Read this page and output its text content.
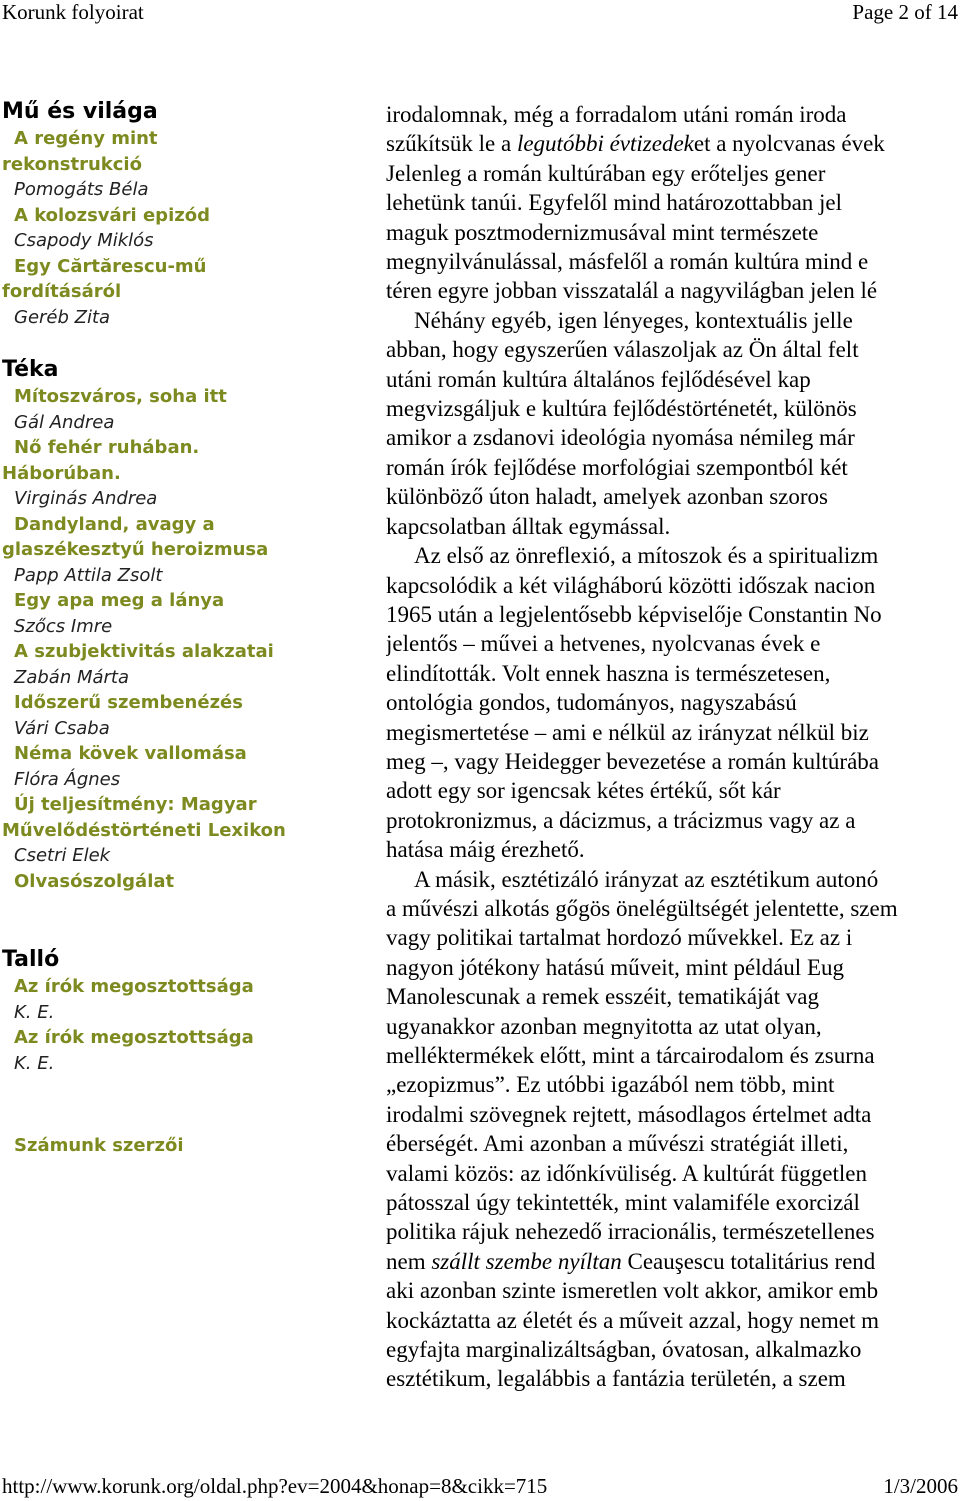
Korunk folyoirat	Page 2 of 14
Mű és világa
A regény mint
rekonstrukció
Pomogáts Béla
A kolozsvári epizód
Csapody Miklós
Egy Cărtărescu-mű
fordításáról
Geréb Zita
Téka
Mítoszváros, soha itt
Gál Andrea
Nő fehér ruhában.
Háborúban.
Virginás Andrea
Dandyland, avagy a
glaszékesztyű heroizmusa
Papp Attila Zsolt
Egy apa meg a lánya
Szőcs Imre
A szubjektivitás alakzatai
Zabán Márta
Időszerű szembenézés
Vári Csaba
Néma kövek vallomása
Flóra Ágnes
Új teljesítmény: Magyar
Művelődéstörténeti Lexikon
Csetri Elek
Olvasószolgálat
Talló
Az írók megosztottsága
K. E.
Az írók megosztottsága
K. E.
Számunk szerzői
irodalomnak, még a forradalom utáni román iroda
szűkítsük le a legutóbbi évtizedeket a nyolcvanas évek
Jelenleg a román kultúrában egy erőteljes gener
lehetünk tanúi. Egyfelől mind határozottabban jel
maguk posztmodernizmusával mint természete
megnyilvánulással, másfelől a román kultúra mind e
téren egyre jobban visszatalál a nagyvilágban jelen lé
Néhány egyéb, igen lényeges, kontextuális jelle
abban, hogy egyszerűen válaszoljak az Ön által felt
utáni román kultúra általános fejlődésével kap
megvizsgáljuk e kultúra fejlődéstörténetét, különös
amikor a zsdanovi ideológia nyomása némileg már
román írók fejlődése morfológiai szempontból két
különböző úton haladt, amelyek azonban szoros
kapcsolatban álltak egymással.
Az első az önreflexió, a mítoszok és a spiritualizm
kapcsolódik a két világháború közötti időszak nacion
1965 után a legjelentősebb képviselője Constantin No
jelentős – művei a hetvenes, nyolcvanas évek e
elindították. Volt ennek haszna is természetesen,
ontológia gondos, tudományos, nagyszabású
megismertetése – ami e nélkül az irányzat nélkül biz
meg –, vagy Heidegger bevezetése a román kultúrába
adott egy sor igencsak kétes értékű, sőt kár
protokronizmus, a dácizmus, a trácizmus vagy az a
hatása máig érezhető.
A másik, esztétizáló irányzat az esztétikum autonó
a művészi alkotás gőgös önelégültségét jelentette, szem
vagy politikai tartalmat hordozó művekkel. Ez az i
nagyon jótékony hatású műveit, mint például Eug
Manolescunak a remek esszéit, tematikáját vag
ugyanakkor azonban megnyitotta az utat olyan,
melléktermékek előtt, mint a tárcairodalom és zsurna
„ezopizmus”. Ez utóbbi igazából nem több, mint
irodalmi szövegnek rejtett, másodlagos értelmet adta
éberségét. Ami azonban a művészi stratégiát illeti,
valami közös: az időnkívüliség. A kultúrát független
pátosszal úgy tekintették, mint valamiféle exorcizál
politika rájuk nehezedő irracionális, természetellenes
nem szállt szembe nyíltan Ceauşescu totalitárius rend
aki azonban szinte ismeretlen volt akkor, amikor emb
kockáztatta az életét és a műveit azzal, hogy nemet m
egyfajta marginalizáltságban, óvatosan, alkalmazko
esztétikum, legalábbis a fantázia területén, a szem
http://www.korunk.org/oldal.php?ev=2004&honap=8&cikk=715	1/3/2006
